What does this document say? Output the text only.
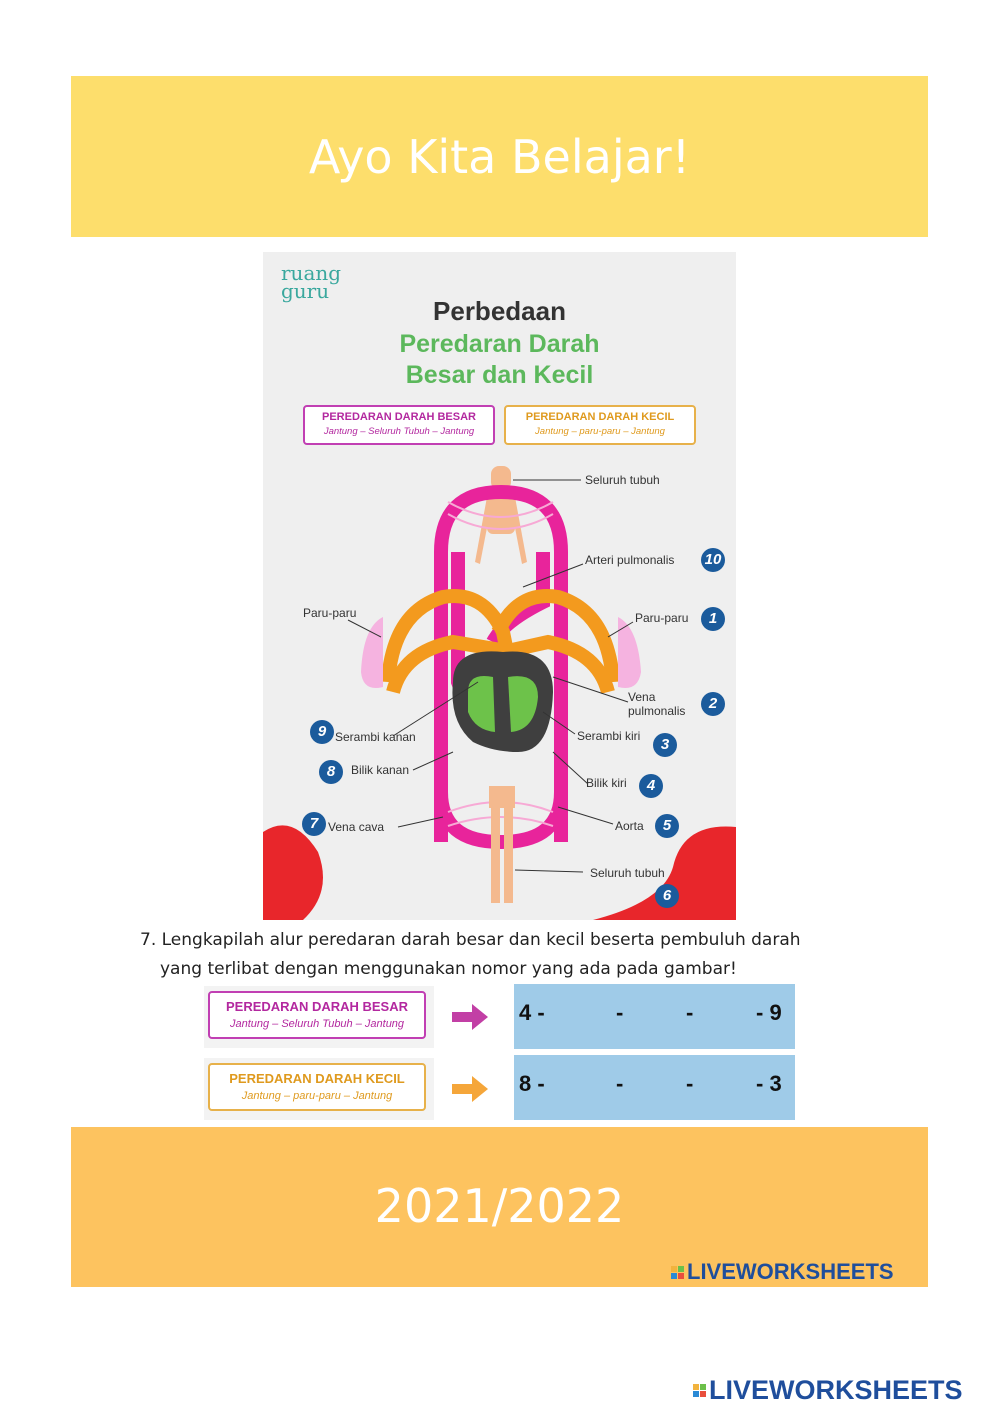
Ayo Kita Belajar!
ruang
guru
Perbedaan
Peredaran Darah
Besar dan Kecil
PEREDARAN DARAH BESAR
Jantung – Seluruh Tubuh – Jantung
PEREDARAN DARAH KECIL
Jantung – paru-paru – Jantung
Seluruh tubuh
Arteri pulmonalis 10
Paru-paru	Paru-paru	1
Vena
pulmonalis	2
9 Serambi kanan	Serambi kiri	3
8	Bilik kanan
Bilik kiri	4
7 Vena cava	Aorta	5
Seluruh tubuh
6
7. Lengkapilah alur peredaran darah besar dan kecil beserta pembuluh darah
yang terlibat dengan menggunakan nomor yang ada pada gambar!
PEREDARAN DARAH BESAR
Jantung – Seluruh Tubuh – Jantung	4 -	-	-	- 9
PEREDARAN DARAH KECIL
Jantung – paru-paru – Jantung	8 -	-	-	- 3
2021/2022
LIVEWORKSHEETS
LIVEWORKSHEETS
